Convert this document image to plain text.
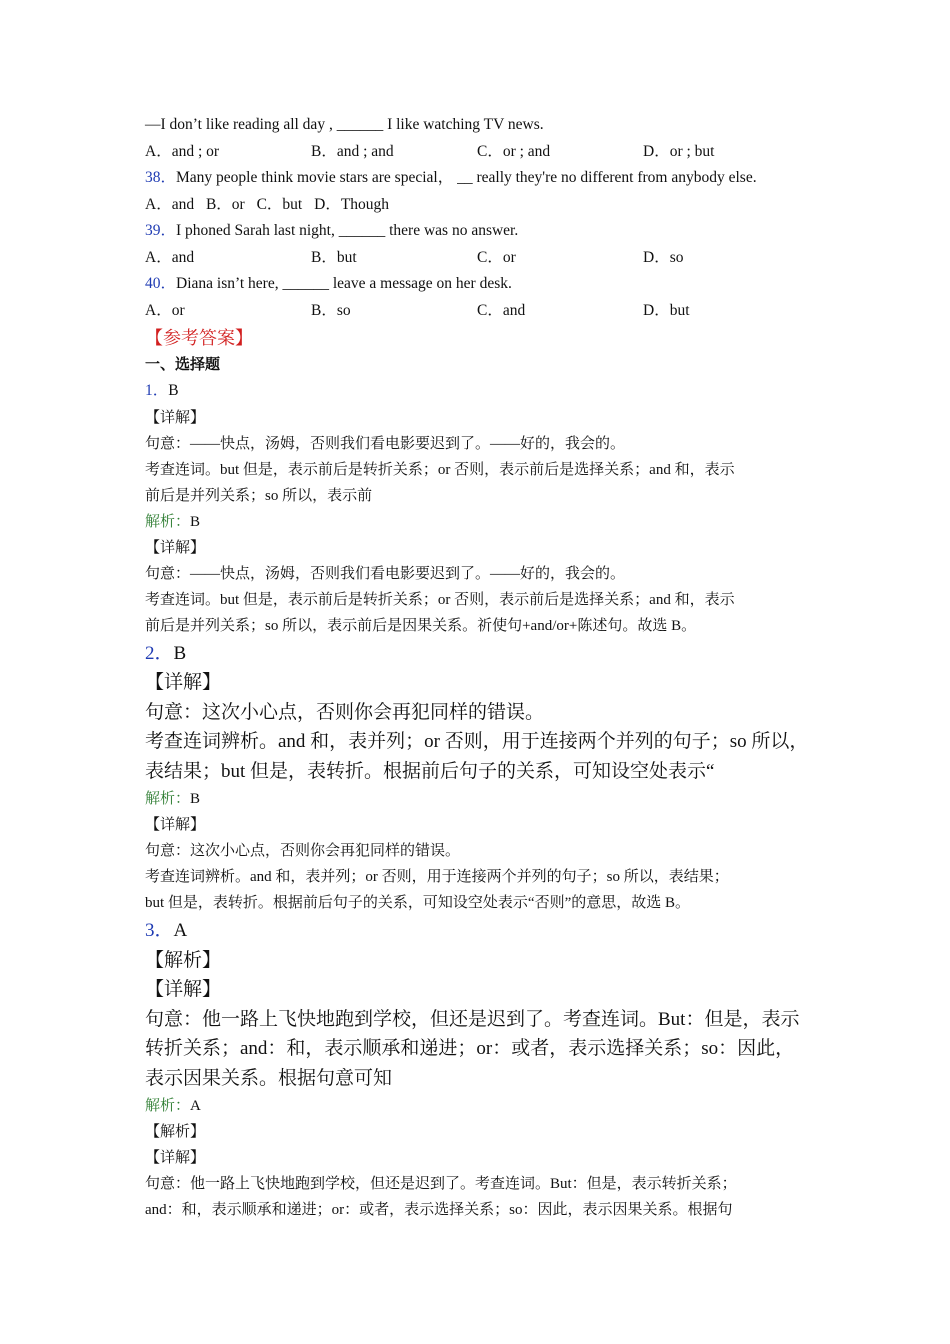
—I don’t like reading all day , ______ I like watching TV news.
A．and ; or	B．and ; and	C．or ; and	D．or ; but
38．Many people think movie stars are special， __ really they're no different from anybody else.
A．and B．or C．but D．Though
39．I phoned Sarah last night, ______ there was no answer.
A．and	B．but	C．or	D．so
40．Diana isn’t here, ______ leave a message on her desk.
A．or	B．so	C．and	D．but
【参考答案】
一、选择题
1．B
【详解】
句意：——快点，汤姆，否则我们看电影要迟到了。——好的，我会的。
考查连词。but 但是，表示前后是转折关系；or 否则，表示前后是选择关系；and 和，表示
前后是并列关系；so 所以，表示前
解析：B
【详解】
句意：——快点，汤姆，否则我们看电影要迟到了。——好的，我会的。
考查连词。but 但是，表示前后是转折关系；or 否则，表示前后是选择关系；and 和，表示
前后是并列关系；so 所以，表示前后是因果关系。祈使句+and/or+陈述句。故选 B。
2．B
【详解】
句意：这次小心点，否则你会再犯同样的错误。
考查连词辨析。and 和，表并列；or 否则，用于连接两个并列的句子；so 所以，
表结果；but 但是，表转折。根据前后句子的关系，可知设空处表示“
解析：B
【详解】
句意：这次小心点，否则你会再犯同样的错误。
考查连词辨析。and 和，表并列；or 否则，用于连接两个并列的句子；so 所以，表结果；
but 但是，表转折。根据前后句子的关系，可知设空处表示“否则”的意思，故选 B。
3．A
【解析】
【详解】
句意：他一路上飞快地跑到学校，但还是迟到了。考查连词。But：但是，表示
转折关系；and：和，表示顺承和递进；or：或者，表示选择关系；so：因此，
表示因果关系。根据句意可知
解析：A
【解析】
【详解】
句意：他一路上飞快地跑到学校，但还是迟到了。考查连词。But：但是，表示转折关系；
and：和，表示顺承和递进；or：或者，表示选择关系；so：因此，表示因果关系。根据句
